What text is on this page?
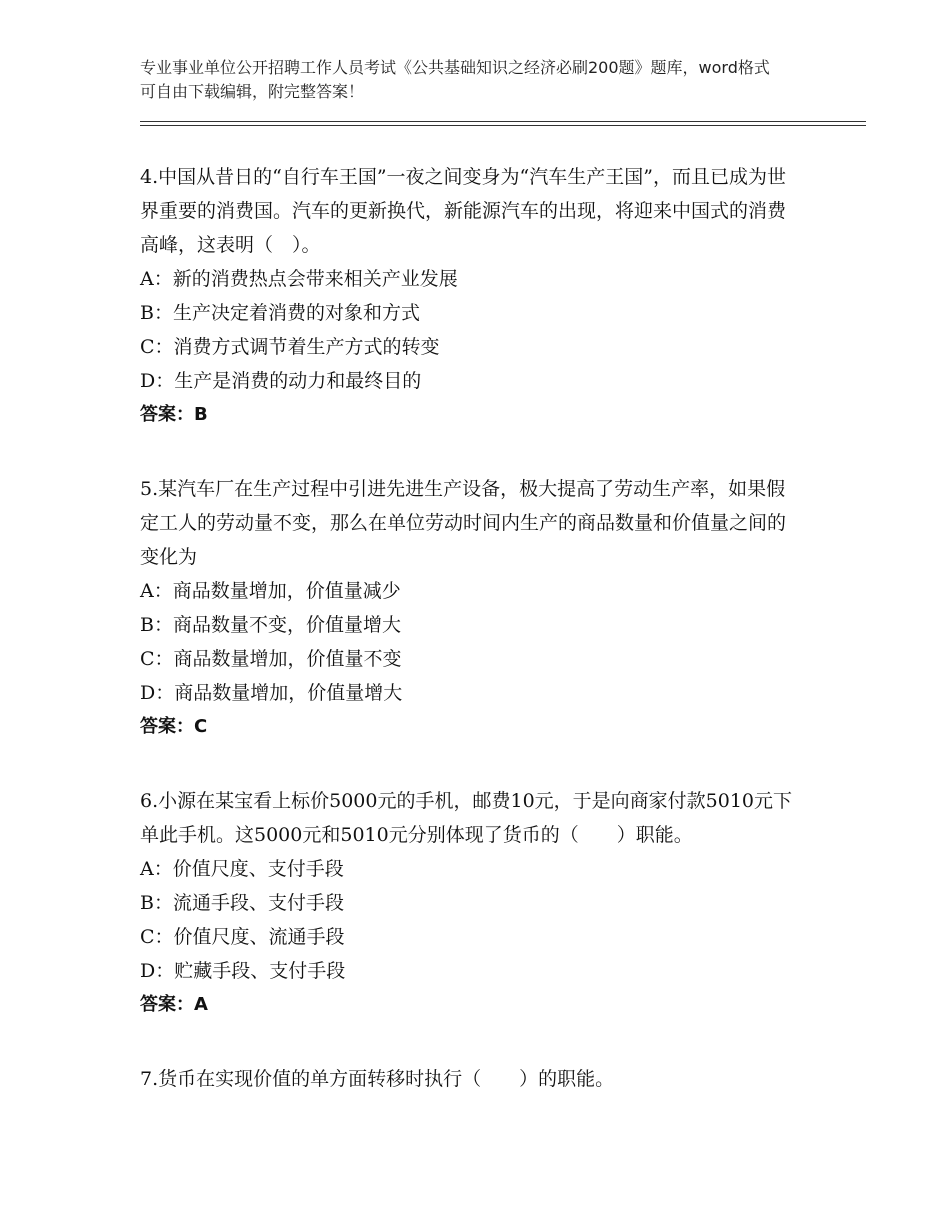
专业事业单位公开招聘工作人员考试《公共基础知识之经济必刷200题》题库，word格式可自由下载编辑，附完整答案！

4.中国从昔日的“自行车王国”一夜之间变身为“汽车生产王国”，而且已成为世界重要的消费国。汽车的更新换代，新能源汽车的出现，将迎来中国式的消费高峰，这表明（　）。

A：新的消费热点会带来相关产业发展

B：生产决定着消费的对象和方式

C：消费方式调节着生产方式的转变

D：生产是消费的动力和最终目的

答案：B

5.某汽车厂在生产过程中引进先进生产设备，极大提高了劳动生产率，如果假定工人的劳动量不变，那么在单位劳动时间内生产的商品数量和价值量之间的变化为

A：商品数量增加，价值量减少

B：商品数量不变，价值量增大

C：商品数量增加，价值量不变

D：商品数量增加，价值量增大

答案：C

6.小源在某宝看上标价5000元的手机，邮费10元，于是向商家付款5010元下单此手机。这5000元和5010元分别体现了货币的（　　）职能。

A：价值尺度、支付手段

B：流通手段、支付手段

C：价值尺度、流通手段

D：贮藏手段、支付手段

答案：A

7.货币在实现价值的单方面转移时执行（　　）的职能。
